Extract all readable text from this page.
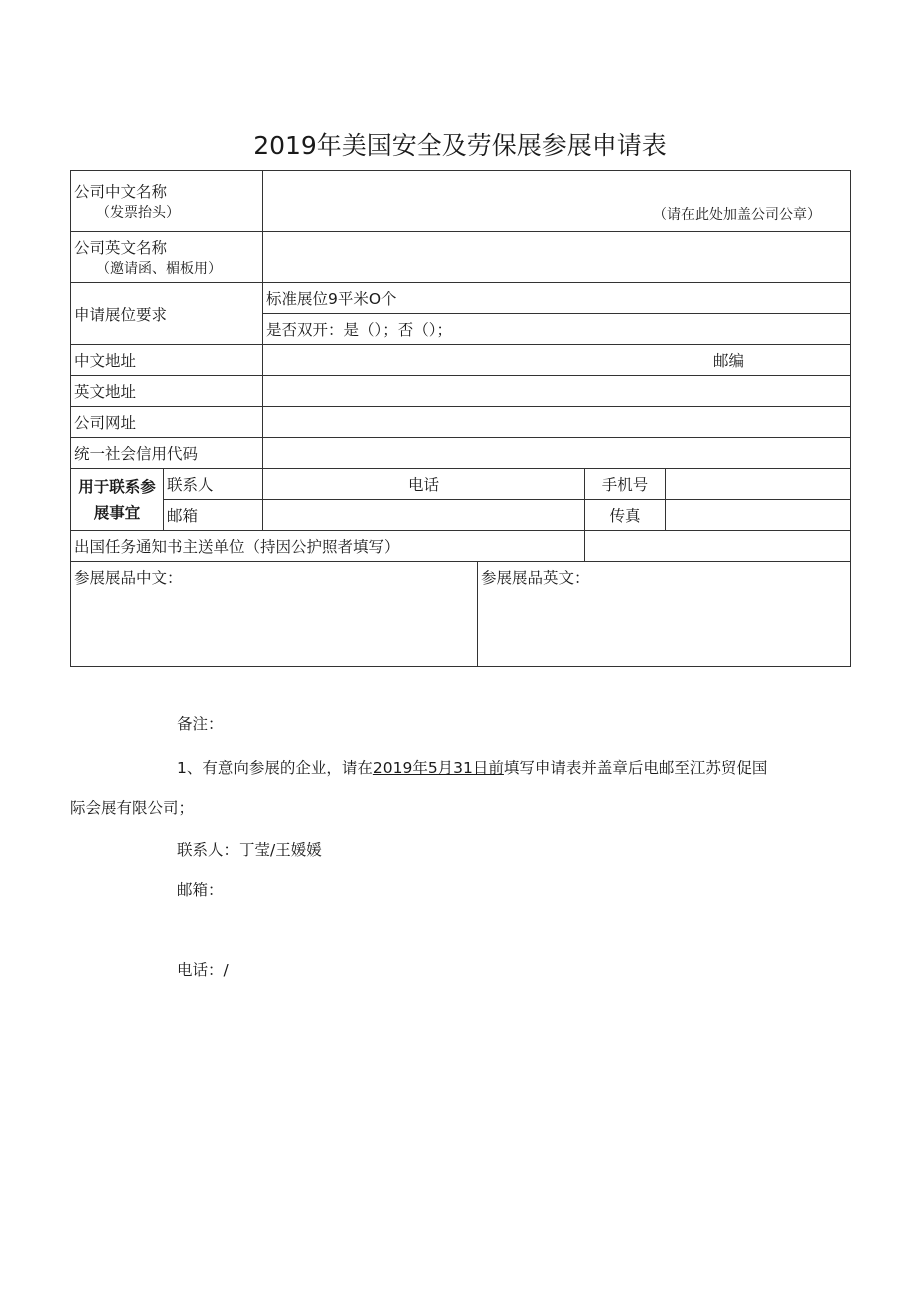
2019年美国安全及劳保展参展申请表
公司中文名称
（发票抬头）		（请在此处加盖公司公章）			

公司英文名称
（邀请函、楣板用）					

申请展位要求		标准展位9平米O个			
		是否双开：是（）；否（）；			
中文地址		邮编			

英文地址					
公司网址					
统一社会信用代码					
用于联系参
展事宜	联系人	电话		手机号	
	邮箱			传真	
出国任务通知书主送单位（持因公护照者填写）					
参展展品中文：			参展展品英文：		

备注：

1、有意向参展的企业，请在2019年5月31日前填写申请表并盖章后电邮至江苏贸促国

际会展有限公司；

联系人：丁莹/王媛媛

邮箱：

电话：/
